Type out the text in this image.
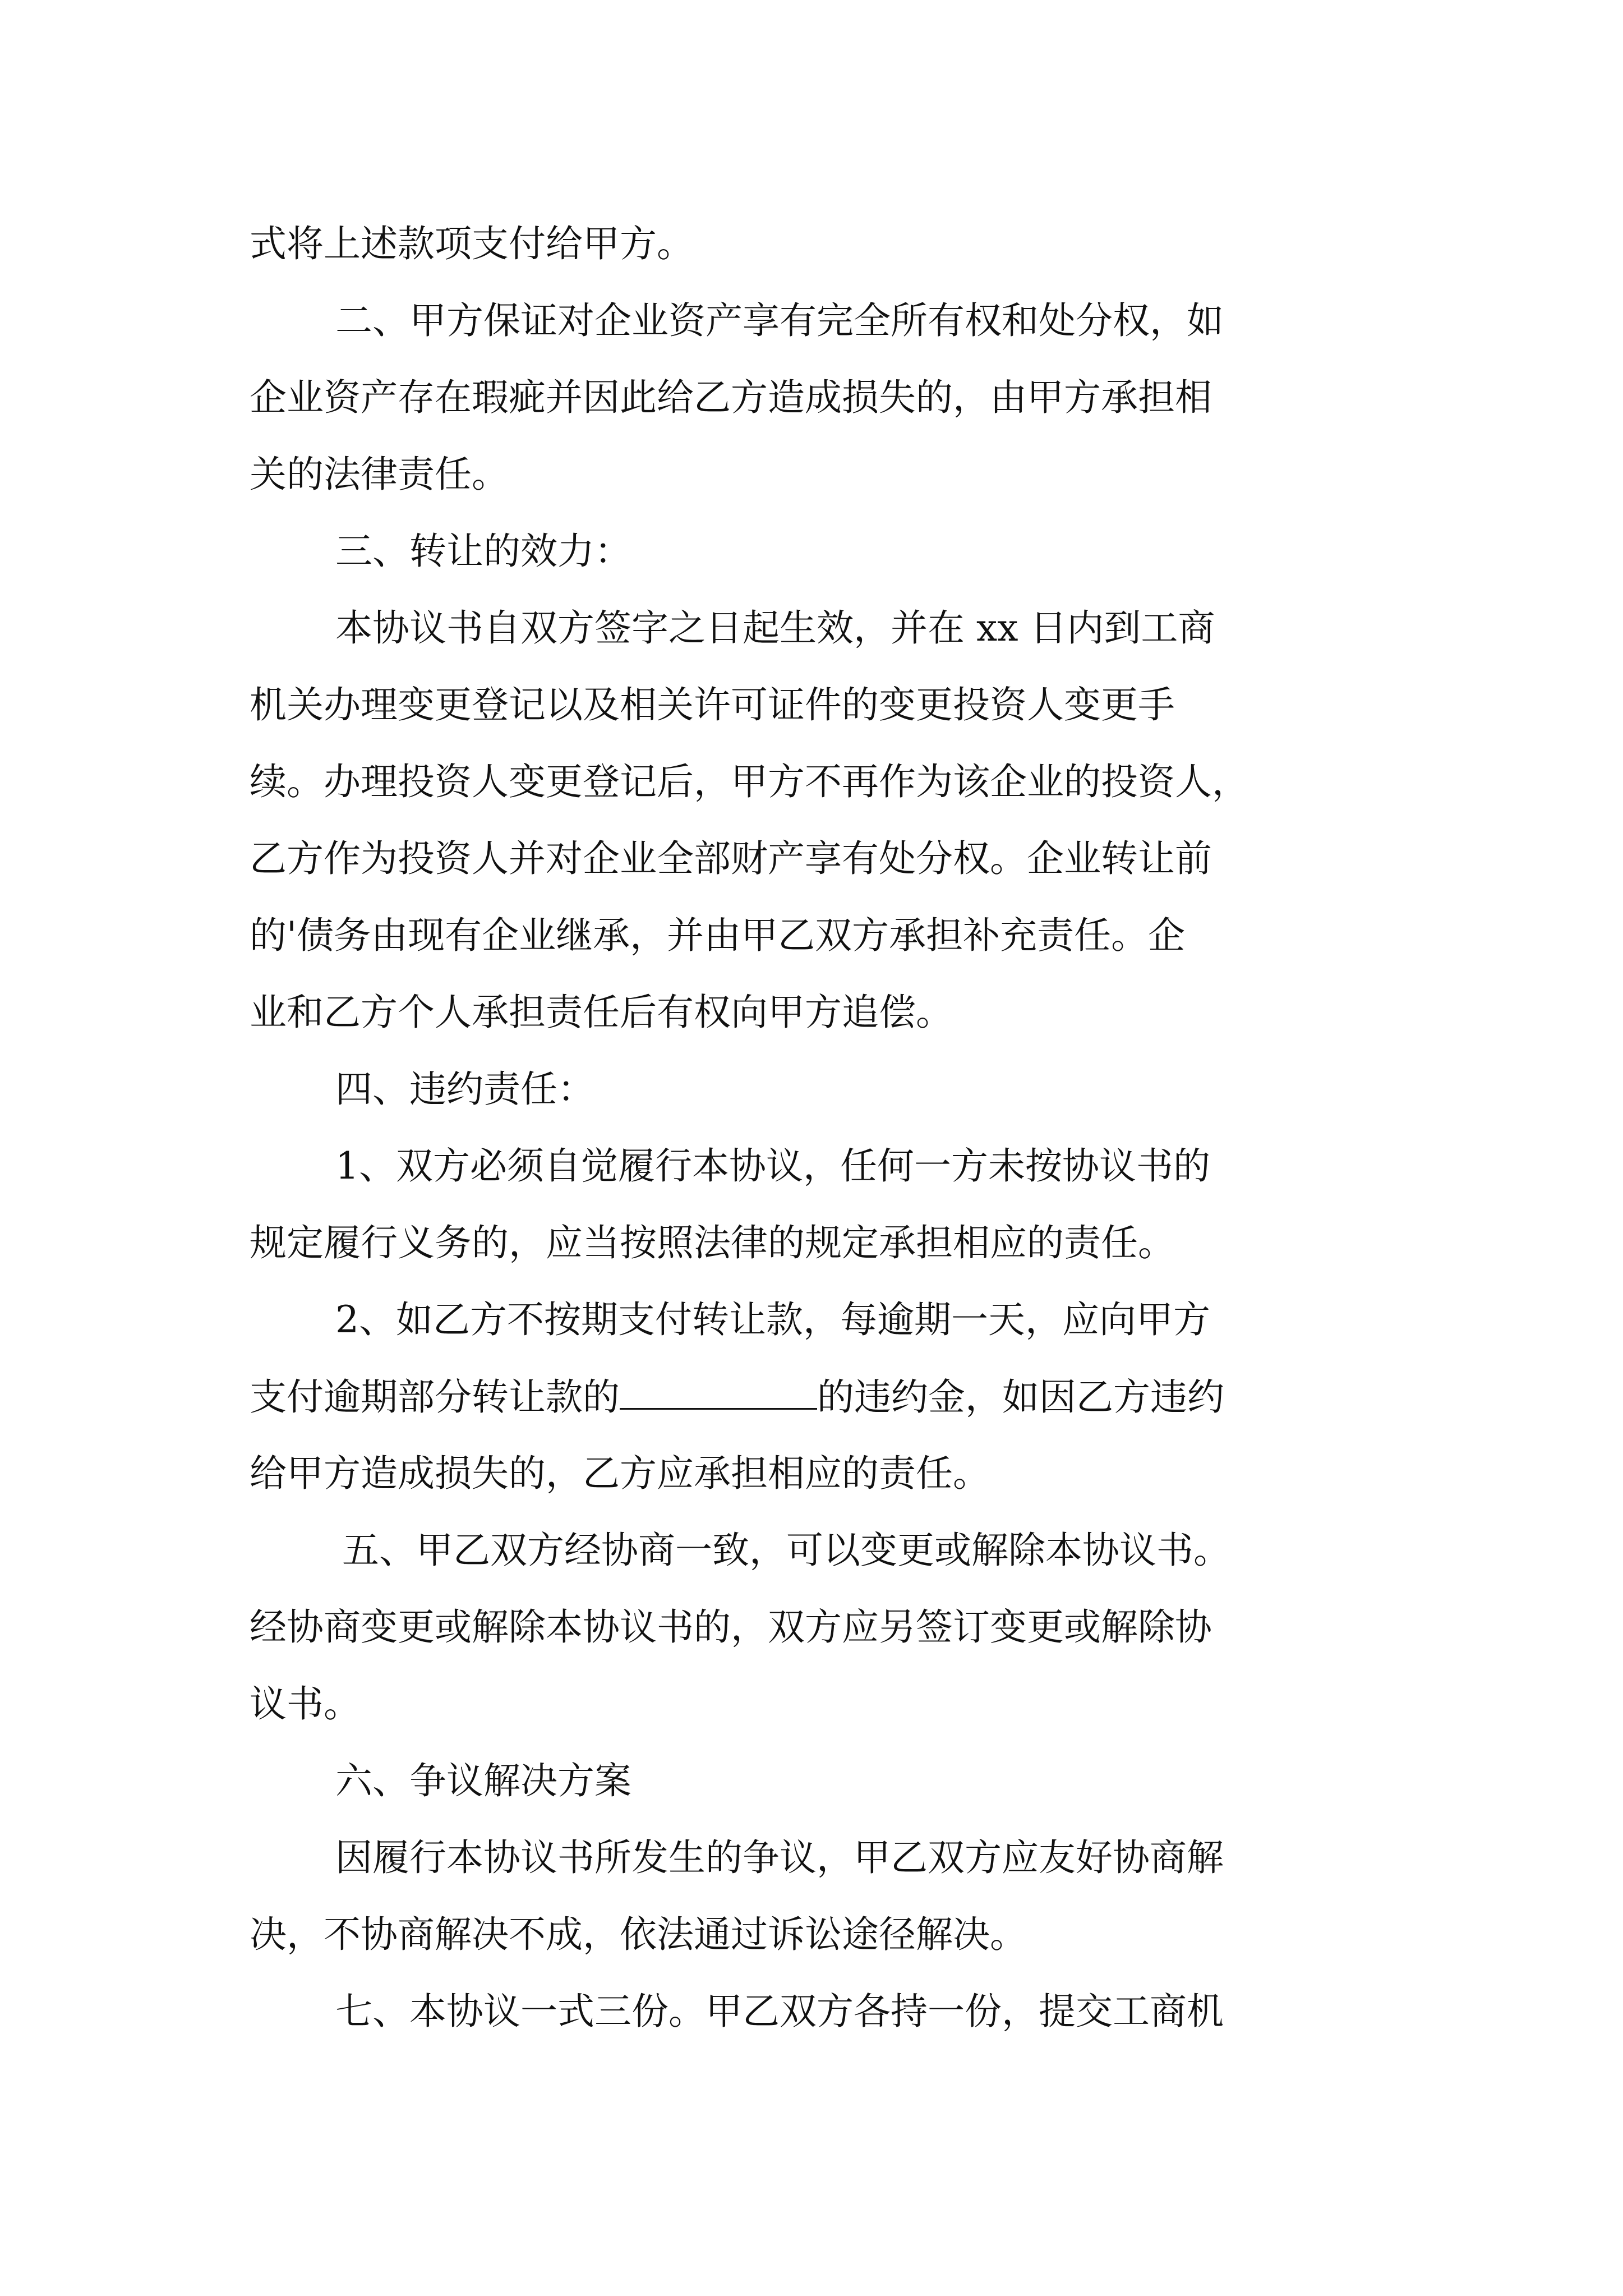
式将上述款项支付给甲方。
二、甲方保证对企业资产享有完全所有权和处分权，如
企业资产存在瑕疵并因此给乙方造成损失的，由甲方承担相
关的法律责任。
三、转让的效力：
本协议书自双方签字之日起生效，并在 xx 日内到工商
机关办理变更登记以及相关许可证件的变更投资人变更手
续。办理投资人变更登记后，甲方不再作为该企业的投资人，
乙方作为投资人并对企业全部财产享有处分权。企业转让前
的'债务由现有企业继承，并由甲乙双方承担补充责任。企
业和乙方个人承担责任后有权向甲方追偿。
四、违约责任：
1、双方必须自觉履行本协议，任何一方未按协议书的
规定履行义务的，应当按照法律的规定承担相应的责任。
2、如乙方不按期支付转让款，每逾期一天，应向甲方
支付逾期部分转让款的	的违约金，如因乙方违约
给甲方造成损失的，乙方应承担相应的责任。
五、甲乙双方经协商一致，可以变更或解除本协议书。
经协商变更或解除本协议书的，双方应另签订变更或解除协
议书。
六、争议解决方案
因履行本协议书所发生的争议，甲乙双方应友好协商解
决，不协商解决不成，依法通过诉讼途径解决。
七、本协议一式三份。甲乙双方各持一份，提交工商机
